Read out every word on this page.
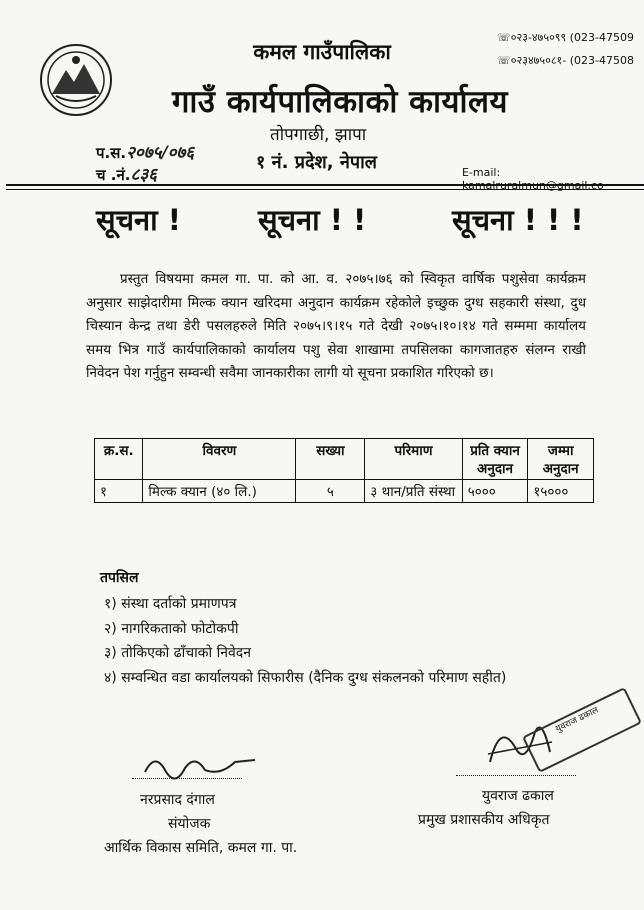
कमल गाउँपालिका
गाउँ कार्यपालिकाको कार्यालय
तोपगाछी, झापा
१ नं. प्रदेश, नेपाल
☏०२३-४७५०९९ (023-47509
☏०२३४७५०८१- (023-47508
प.स.२०७५/०७६
च .नं.८३६	E-mail: kamalruralmun@gmail.co
सूचना !	सूचना ! !	सूचना ! ! !
प्रस्तुत विषयमा कमल गा. पा. को आ. व. २०७५।७६ को स्विकृत वार्षिक पशुसेवा कार्यक्रम अनुसार साझेदारीमा मिल्क क्यान खरिदमा अनुदान कार्यक्रम रहेकोले इच्छुक दुग्ध सहकारी संस्था, दुध चिस्यान केन्द्र तथा डेरी पसलहरुले मिति २०७५।९।१५ गते देखी २०७५।१०।१४ गते सम्ममा कार्यालय समय भित्र गाउँ कार्यपालिकाको कार्यालय पशु सेवा शाखामा तपसिलका कागजातहरु संलग्न राखी निवेदन पेश गर्नुहुन सम्वन्धी सवैमा जानकारीका लागी यो सूचना प्रकाशित गरिएको छ।
क्र.स.	विवरण	सख्या	परिमाण	प्रति क्यान अनुदान	जम्मा अनुदान
१	मिल्क क्यान (४० लि.)	५	३ थान/प्रति संस्था	५०००	१५०००
तपसिल
१) संस्था दर्ताको प्रमाणपत्र
२) नागरिकताको फोटोकपी
३) तोकिएको ढाँचाको निवेदन
४) सम्वन्धित वडा कार्यालयको सिफारीस (दैनिक दुग्ध संकलनको परिमाण सहीत)
नरप्रसाद दंगाल
संयोजक
आर्थिक विकास समिति, कमल गा. पा.
युवराज ढकाल
युवराज ढकाल
प्रमुख प्रशासकीय अधिकृत
